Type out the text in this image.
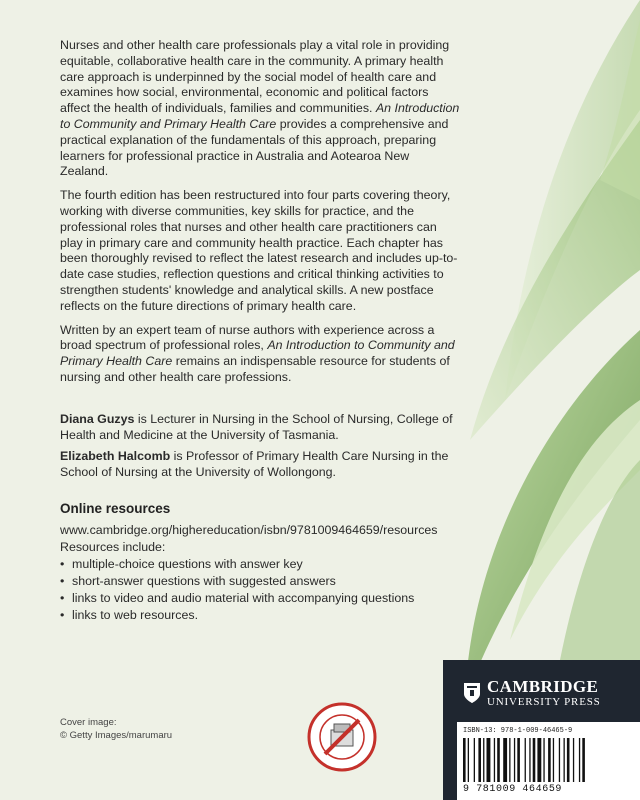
Nurses and other health care professionals play a vital role in providing equitable, collaborative health care in the community. A primary health care approach is underpinned by the social model of health care and examines how social, environmental, economic and political factors affect the health of individuals, families and communities. An Introduction to Community and Primary Health Care provides a comprehensive and practical explanation of the fundamentals of this approach, preparing learners for professional practice in Australia and Aotearoa New Zealand.

The fourth edition has been restructured into four parts covering theory, working with diverse communities, key skills for practice, and the professional roles that nurses and other health care practitioners can play in primary care and community health practice. Each chapter has been thoroughly revised to reflect the latest research and includes up-to-date case studies, reflection questions and critical thinking activities to strengthen students' knowledge and analytical skills. A new postface reflects on the future directions of primary health care.

Written by an expert team of nurse authors with experience across a broad spectrum of professional roles, An Introduction to Community and Primary Health Care remains an indispensable resource for students of nursing and other health care professions.

Diana Guzys is Lecturer in Nursing in the School of Nursing, College of Health and Medicine at the University of Tasmania.

Elizabeth Halcomb is Professor of Primary Health Care Nursing in the School of Nursing at the University of Wollongong.

Online resources
www.cambridge.org/highereducation/isbn/9781009464659/resources
Resources include:
• multiple-choice questions with answer key
• short-answer questions with suggested answers
• links to video and audio material with accompanying questions
• links to web resources.
Cover image:
© Getty Images/marumaru
CAMBRIDGE
UNIVERSITY PRESS
ISBN-13: 978-1-009-46465-9
9 781009 464659
